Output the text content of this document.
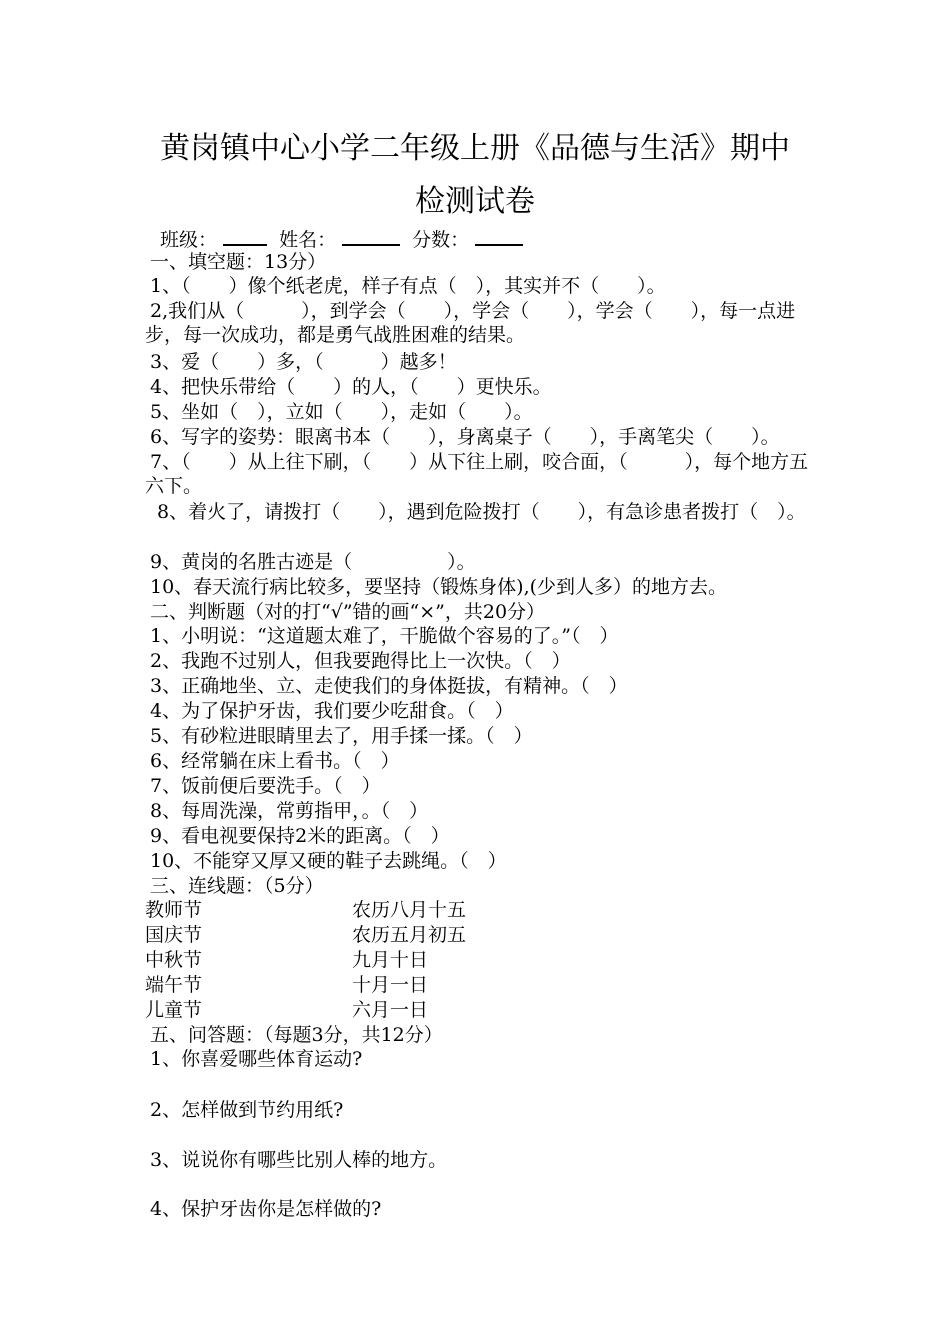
黄岗镇中心小学二年级上册《品德与生活》期中
检测试卷
班级：	姓名：	分数：
一、填空题：13分）
1、（　　）像个纸老虎，样子有点（　），其实并不（　　）。
2,我们从（　　　），到学会（　　），学会（　　），学会（　　），每一点进步，每一次成功，都是勇气战胜困难的结果。
3、爱（　　）多，（　　　）越多！
4、把快乐带给（　　）的人，（　　）更快乐。
5、坐如（　），立如（　　），走如（　　）。
6、写字的姿势：眼离书本（　　），身离桌子（　　），手离笔尖（　　）。
7、（　　）从上往下刷，（　　）从下往上刷，咬合面，（　　　），每个地方五六下。
8、着火了，请拨打（　　），遇到危险拨打（　　），有急诊患者拨打（　）。
9、黄岗的名胜古迹是（　　　　　）。
10、春天流行病比较多，要坚持（锻炼身体),(少到人多）的地方去。
二、判断题（对的打“√”错的画“×”，共20分）
1、小明说：“这道题太难了，干脆做个容易的了。”（　）
2、我跑不过别人，但我要跑得比上一次快。（　）
3、正确地坐、立、走使我们的身体挺拔，有精神。（　）
4、为了保护牙齿，我们要少吃甜食。（　）
5、有砂粒进眼睛里去了，用手揉一揉。（　）
6、经常躺在床上看书。（　）
7、饭前便后要洗手。（　）
8、每周洗澡，常剪指甲，。（　）
9、看电视要保持2米的距离。（　）
10、不能穿又厚又硬的鞋子去跳绳。（　）
三、连线题：（5分）
教师节	农历八月十五
国庆节	农历五月初五
中秋节	九月十日
端午节	十月一日
儿童节	六月一日
五、问答题：（每题3分，共12分）
1、你喜爱哪些体育运动?
2、怎样做到节约用纸?
3、说说你有哪些比别人棒的地方。
4、保护牙齿你是怎样做的?
